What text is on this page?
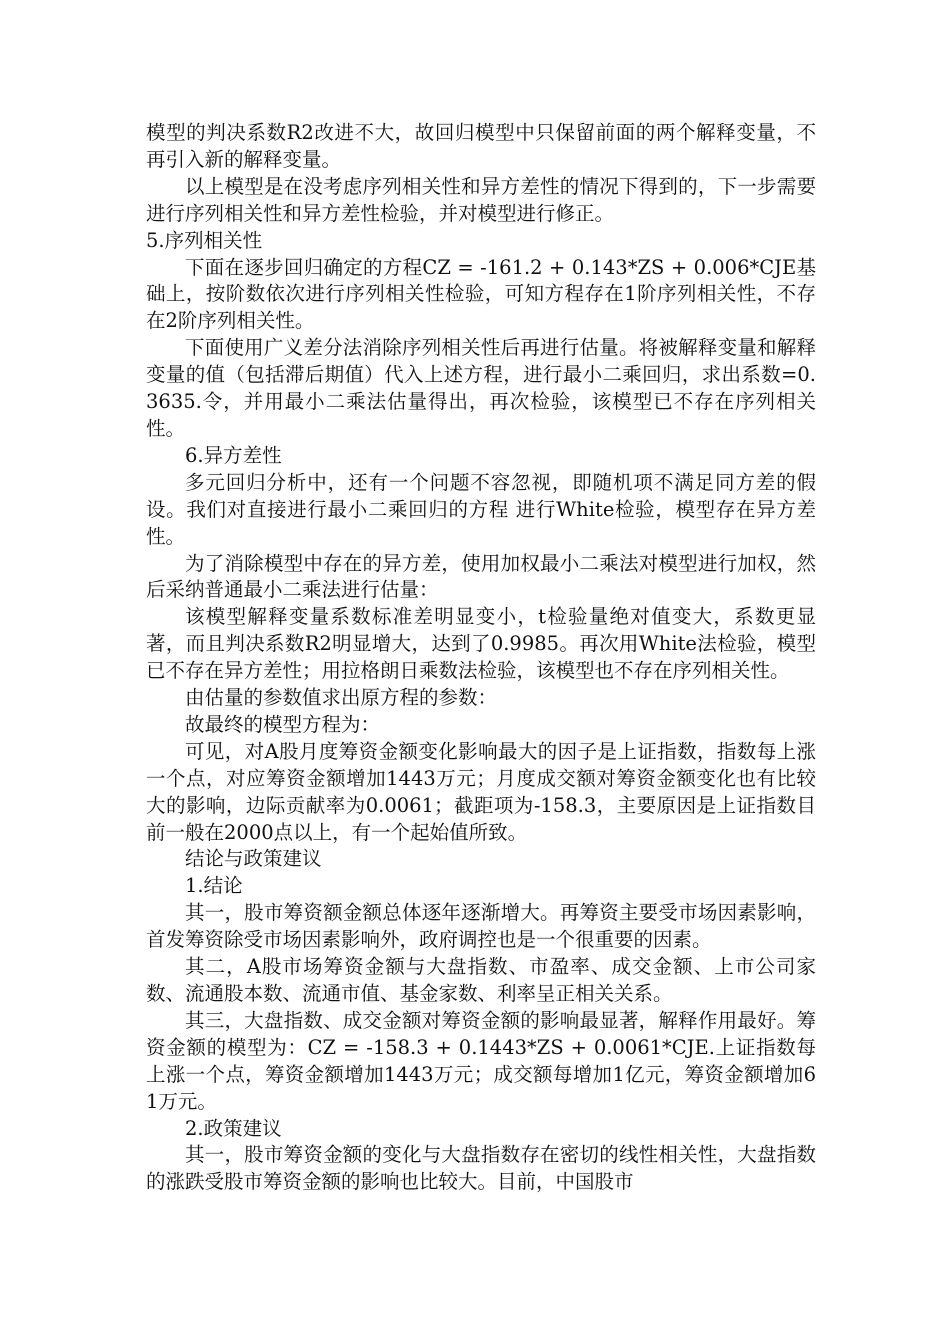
模型的判决系数R2改进不大，故回归模型中只保留前面的两个解释变量，不再引入新的解释变量。

以上模型是在没考虑序列相关性和异方差性的情况下得到的，下一步需要进行序列相关性和异方差性检验，并对模型进行修正。

5.序列相关性

下面在逐步回归确定的方程CZ = -161.2 + 0.143*ZS + 0.006*CJE基础上，按阶数依次进行序列相关性检验，可知方程存在1阶序列相关性，不存在2阶序列相关性。

下面使用广义差分法消除序列相关性后再进行估量。将被解释变量和解释变量的值（包括滞后期值）代入上述方程，进行最小二乘回归，求出系数=0.3635.令，并用最小二乘法估量得出，再次检验，该模型已不存在序列相关性。

6.异方差性

多元回归分析中，还有一个问题不容忽视，即随机项不满足同方差的假设。我们对直接进行最小二乘回归的方程 进行White检验，模型存在异方差性。

为了消除模型中存在的异方差，使用加权最小二乘法对模型进行加权，然后采纳普通最小二乘法进行估量：

该模型解释变量系数标准差明显变小，t检验量绝对值变大，系数更显著，而且判决系数R2明显增大，达到了0.9985。再次用White法检验，模型已不存在异方差性；用拉格朗日乘数法检验，该模型也不存在序列相关性。

由估量的参数值求出原方程的参数：

故最终的模型方程为：

可见，对A股月度筹资金额变化影响最大的因子是上证指数，指数每上涨一个点，对应筹资金额增加1443万元；月度成交额对筹资金额变化也有比较大的影响，边际贡献率为0.0061；截距项为-158.3，主要原因是上证指数目前一般在2000点以上，有一个起始值所致。

结论与政策建议

1.结论

其一，股市筹资额金额总体逐年逐渐增大。再筹资主要受市场因素影响，首发筹资除受市场因素影响外，政府调控也是一个很重要的因素。

其二，A股市场筹资金额与大盘指数、市盈率、成交金额、上市公司家数、流通股本数、流通市值、基金家数、利率呈正相关关系。

其三，大盘指数、成交金额对筹资金额的影响最显著，解释作用最好。筹资金额的模型为：CZ = -158.3 + 0.1443*ZS + 0.0061*CJE.上证指数每上涨一个点，筹资金额增加1443万元；成交额每增加1亿元，筹资金额增加61万元。

2.政策建议

其一，股市筹资金额的变化与大盘指数存在密切的线性相关性，大盘指数的涨跌受股市筹资金额的影响也比较大。目前，中国股市
